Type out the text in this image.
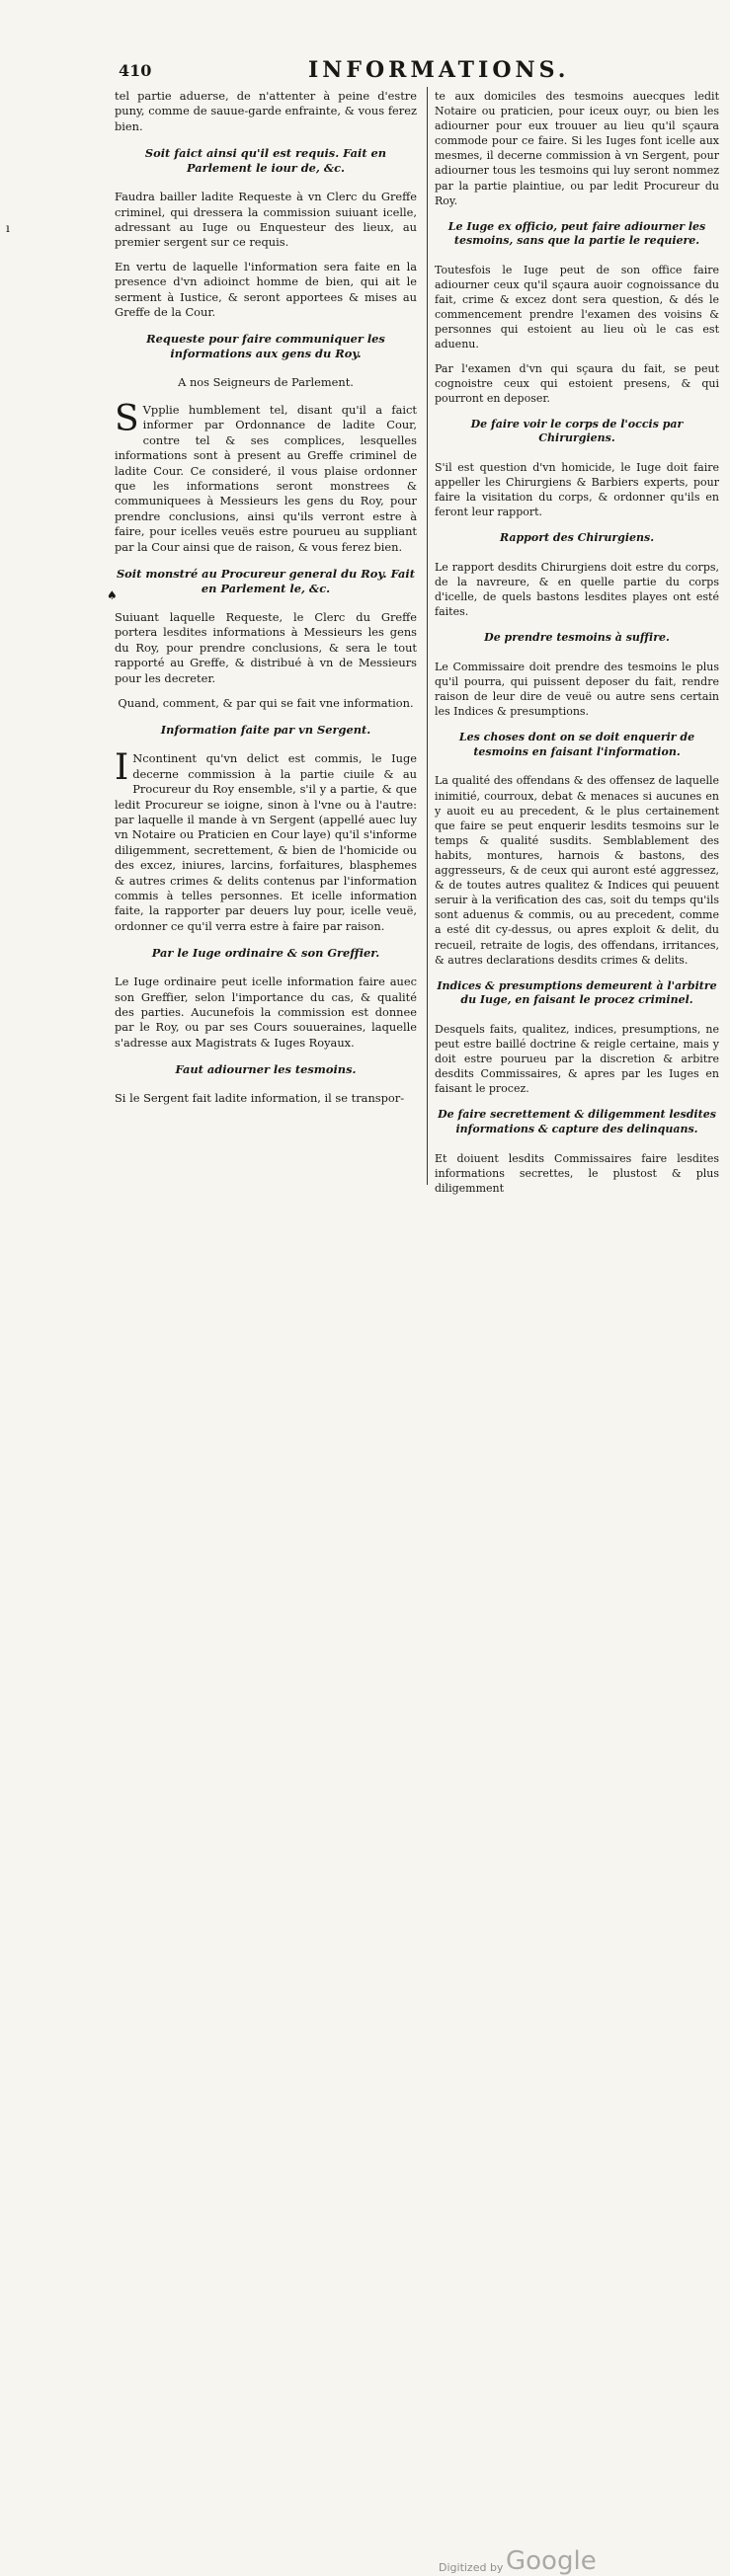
410	INFORMATIONS.
ı
♠

tel partie aduerse, de n'attenter à peine d'estre puny, comme de sauue-garde enfrainte, & vous ferez bien.

Soit faict ainsi qu'il est requis. Fait en Parlement le iour de, &c.

Faudra bailler ladite Requeste à vn Clerc du Greffe criminel, qui dressera la commission suiuant icelle, adressant au Iuge ou Enquesteur des lieux, au premier sergent sur ce requis.

En vertu de laquelle l'information sera faite en la presence d'vn adioinct homme de bien, qui ait le serment à Iustice, & seront apportees & mises au Greffe de la Cour.

Requeste pour faire communiquer les informations aux gens du Roy.

A nos Seigneurs de Parlement.

S Vpplie humblement tel, disant qu'il a faict informer par Ordonnance de ladite Cour, contre tel & ses complices, lesquelles informations sont à present au Greffe criminel de ladite Cour. Ce consideré, il vous plaise ordonner que les informations seront monstrees & communiquees à Messieurs les gens du Roy, pour prendre conclusions, ainsi qu'ils verront estre à faire, pour icelles veuës estre pourueu au suppliant par la Cour ainsi que de raison, & vous ferez bien.

Soit monstré au Procureur general du Roy. Fait en Parlement le, &c.

Suiuant laquelle Requeste, le Clerc du Greffe portera lesdites informations à Messieurs les gens du Roy, pour prendre conclusions, & sera le tout rapporté au Greffe, & distribué à vn de Messieurs pour les decreter.

Quand, comment, & par qui se fait vne information.

Information faite par vn Sergent.

I Ncontinent qu'vn delict est commis, le Iuge decerne commission à la partie ciuile & au Procureur du Roy ensemble, s'il y a partie, & que ledit Procureur se ioigne, sinon à l'vne ou à l'autre: par laquelle il mande à vn Sergent (appellé auec luy vn Notaire ou Praticien en Cour laye) qu'il s'informe diligemment, secrettement, & bien de l'homicide ou des excez, iniures, larcins, forfaitures, blasphemes & autres crimes & delits contenus par l'information commis à telles personnes. Et icelle information faite, la rapporter par deuers luy pour, icelle veuë, ordonner ce qu'il verra estre à faire par raison.

Par le Iuge ordinaire & son Greffier.

Le Iuge ordinaire peut icelle information faire auec son Greffier, selon l'importance du cas, & qualité des parties. Aucunefois la commission est donnee par le Roy, ou par ses Cours souueraines, laquelle s'adresse aux Magistrats & Iuges Royaux.

Faut adiourner les tesmoins.

Si le Sergent fait ladite information, il se transpor-

te aux domiciles des tesmoins auecques ledit Notaire ou praticien, pour iceux ouyr, ou bien les adiourner pour eux trouuer au lieu qu'il sçaura commode pour ce faire. Si les Iuges font icelle aux mesmes, il decerne commission à vn Sergent, pour adiourner tous les tesmoins qui luy seront nommez par la partie plaintiue, ou par ledit Procureur du Roy.

Le Iuge ex officio, peut faire adiourner les tesmoins, sans que la partie le requiere.

Toutesfois le Iuge peut de son office faire adiourner ceux qu'il sçaura auoir cognoissance du fait, crime & excez dont sera question, & dés le commencement prendre l'examen des voisins & personnes qui estoient au lieu où le cas est aduenu.

Par l'examen d'vn qui sçaura du fait, se peut cognoistre ceux qui estoient presens, & qui pourront en deposer.

De faire voir le corps de l'occis par Chirurgiens.

S'il est question d'vn homicide, le Iuge doit faire appeller les Chirurgiens & Barbiers experts, pour faire la visitation du corps, & ordonner qu'ils en feront leur rapport.

Rapport des Chirurgiens.

Le rapport desdits Chirurgiens doit estre du corps, de la navreure, & en quelle partie du corps d'icelle, de quels bastons lesdites playes ont esté faites.

De prendre tesmoins à suffire.

Le Commissaire doit prendre des tesmoins le plus qu'il pourra, qui puissent deposer du fait, rendre raison de leur dire de veuë ou autre sens certain les Indices & presumptions.

Les choses dont on se doit enquerir de tesmoins en faisant l'information.

La qualité des offendans & des offensez de laquelle inimitié, courroux, debat & menaces si aucunes en y auoit eu au precedent, & le plus certainement que faire se peut enquerir lesdits tesmoins sur le temps & qualité susdits. Semblablement des habits, montures, harnois & bastons, des aggresseurs, & de ceux qui auront esté aggressez, & de toutes autres qualitez & Indices qui peuuent seruir à la verification des cas, soit du temps qu'ils sont aduenus & commis, ou au precedent, comme a esté dit cy-dessus, ou apres exploit & delit, du recueil, retraite de logis, des offendans, irritances, & autres declarations desdits crimes & delits.

Indices & presumptions demeurent à l'arbitre du Iuge, en faisant le procez criminel.

Desquels faits, qualitez, indices, presumptions, ne peut estre baillé doctrine & reigle certaine, mais y doit estre pourueu par la discretion & arbitre desdits Commissaires, & apres par les Iuges en faisant le procez.

De faire secrettement & diligemment lesdites informations & capture des delinquans.

Et doiuent lesdits Commissaires faire lesdites informations secrettes, le plustost & plus diligemment

Digitized by Google
